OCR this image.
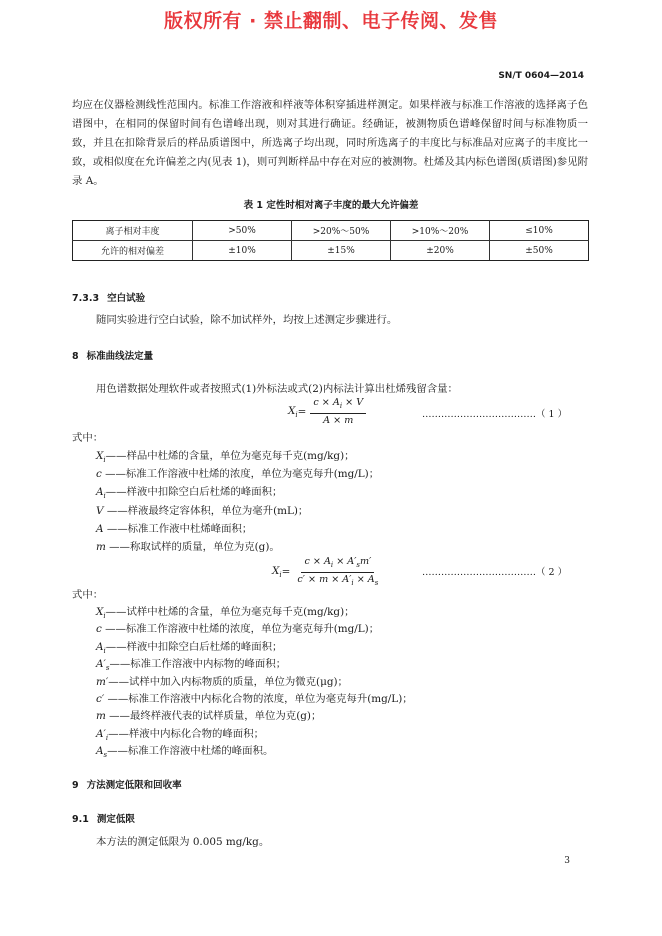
版权所有 · 禁止翻制、电子传阅、发售
SN/T 0604—2014
均应在仪器检测线性范围内。标准工作溶液和样液等体积穿插进样测定。如果样液与标准工作溶液的选择离子色谱图中，在相同的保留时间有色谱峰出现，则对其进行确证。经确证，被测物质色谱峰保留时间与标准物质一致，并且在扣除背景后的样品质谱图中，所选离子均出现，同时所选离子的丰度比与标准品对应离子的丰度比一致，或相似度在允许偏差之内(见表 1)，则可判断样品中存在对应的被测物。杜烯及其内标色谱图(质谱图)参见附录 A。
表 1 定性时相对离子丰度的最大允许偏差
离子相对丰度	>50%	>20%～50%	>10%～20%	≤10%
允许的相对偏差	±10%	±15%	±20%	±50%
7.3.3 空白试验
随同实验进行空白试验，除不加试样外，均按上述测定步骤进行。
8 标准曲线法定量
用色谱数据处理软件或者按照式(1)外标法或式(2)内标法计算出杜烯残留含量：
$X_i = \frac{c \times A_i \times V}{A \times m}$	………………………………（ 1 ）
式中：
$X_i——$样品中杜烯的含量，单位为毫克每千克(mg/kg)；
c ——标准工作溶液中杜烯的浓度，单位为毫克每升(mg/L)；
$A_i——$样液中扣除空白后杜烯的峰面积；
V ——样液最终定容体积，单位为毫升(mL)；
A ——标准工作液中杜烯峰面积；
m ——称取试样的质量，单位为克(g)。
$X_i = \frac{c \times A_i \times A'_sm'}{c' \times m \times A'_i \times A_s}$	………………………………（ 2 ）
式中：
$X_i——$试样中杜烯的含量，单位为毫克每千克(mg/kg)；
c ——标准工作溶液中杜烯的浓度，单位为毫克每升(mg/L)；
$A_i——$样液中扣除空白后杜烯的峰面积；
$A'_s——$标准工作溶液中内标物的峰面积；
m′——试样中加入内标物质的质量，单位为微克(μg)；
c′ ——标准工作溶液中内标化合物的浓度，单位为毫克每升(mg/L)；
m ——最终样液代表的试样质量，单位为克(g)；
$A'_i——$样液中内标化合物的峰面积；
$A_s——$标准工作溶液中杜烯的峰面积。
9 方法测定低限和回收率
9.1 测定低限
本方法的测定低限为 0.005 mg/kg。
3
